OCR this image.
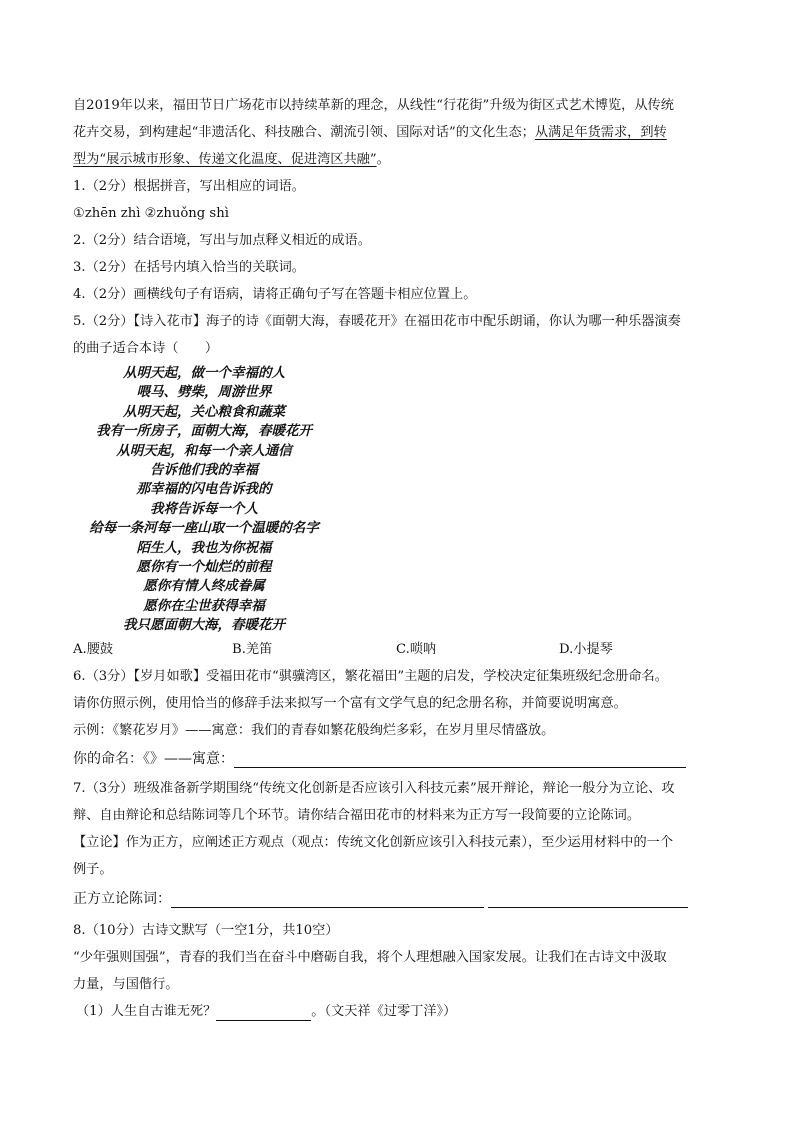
自2019年以来，福田节日广场花市以持续革新的理念，从线性“行花街”升级为街区式艺术博览，从传统
花卉交易，到构建起“非遗活化、科技融合、潮流引领、国际对话”的文化生态；从满足年货需求，到转
型为“展示城市形象、传递文化温度、促进湾区共融”。
1.（2分）根据拼音，写出相应的词语。
①zhēn zhì ②zhuǒng shì
2.（2分）结合语境，写出与加点释义相近的成语。
3.（2分）在括号内填入恰当的关联词。
4.（2分）画横线句子有语病，请将正确句子写在答题卡相应位置上。
5.（2分）【诗入花市】海子的诗《面朝大海，春暖花开》在福田花市中配乐朗诵，你认为哪一种乐器演奏
的曲子适合本诗（　　）
从明天起，做一个幸福的人
喂马、劈柴，周游世界
从明天起，关心粮食和蔬菜
我有一所房子，面朝大海，春暖花开
从明天起，和每一个亲人通信
告诉他们我的幸福
那幸福的闪电告诉我的
我将告诉每一个人
给每一条河每一座山取一个温暖的名字
陌生人，我也为你祝福
愿你有一个灿烂的前程
愿你有情人终成眷属
愿你在尘世获得幸福
我只愿面朝大海，春暖花开
A.腰鼓	B.羌笛	C.唢呐	D.小提琴
6.（3分）【岁月如歌】受福田花市“骐骥湾区，繁花福田”主题的启发，学校决定征集班级纪念册命名。
请你仿照示例，使用恰当的修辞手法来拟写一个富有文学气息的纪念册名称，并简要说明寓意。
示例：《繁花岁月》——寓意：我们的青春如繁花般绚烂多彩，在岁月里尽情盛放。
你的命名：《》——寓意：
7.（3分）班级准备新学期围绕“传统文化创新是否应该引入科技元素”展开辩论，辩论一般分为立论、攻
辩、自由辩论和总结陈词等几个环节。请你结合福田花市的材料来为正方写一段简要的立论陈词。
【立论】作为正方，应阐述正方观点（观点：传统文化创新应该引入科技元素），至少运用材料中的一个
例子。
正方立论陈词：
8.（10分）古诗文默写（一空1分，共10空）
“少年强则国强”，青春的我们当在奋斗中磨砺自我，将个人理想融入国家发展。让我们在古诗文中汲取
力量，与国偕行。
（1）人生自古谁无死？	。（文天祥《过零丁洋》）
